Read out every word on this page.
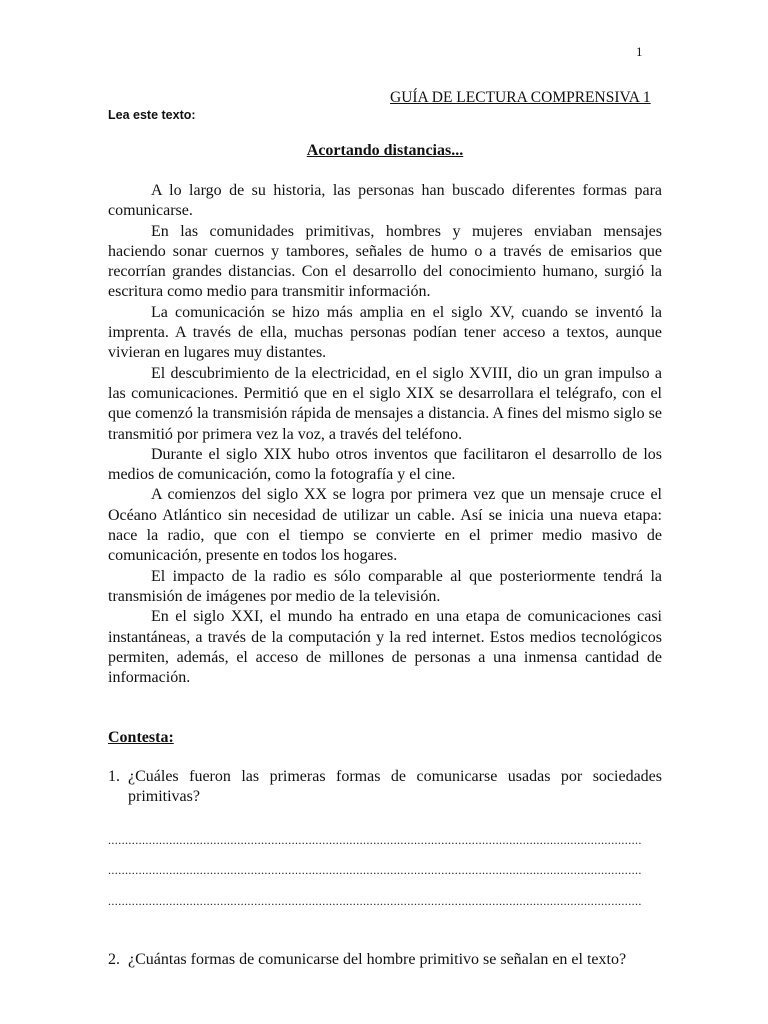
1
GUÍA DE LECTURA COMPRENSIVA 1
Lea este texto:
Acortando distancias...

A lo largo de su historia, las personas han buscado diferentes formas para comunicarse.

En las comunidades primitivas, hombres y mujeres enviaban mensajes haciendo sonar cuernos y tambores, señales de humo o a través de emisarios que recorrían grandes distancias. Con el desarrollo del conocimiento humano, surgió la escritura como medio para transmitir información.

La comunicación se hizo más amplia en el siglo XV, cuando se inventó la imprenta. A través de ella, muchas personas podían tener acceso a textos, aunque vivieran en lugares muy distantes.

El descubrimiento de la electricidad, en el siglo XVIII, dio un gran impulso a las comunicaciones. Permitió que en el siglo XIX se desarrollara el telégrafo, con el que comenzó la transmisión rápida de mensajes a distancia. A fines del mismo siglo se transmitió por primera vez la voz, a través del teléfono.

Durante el siglo XIX hubo otros inventos que facilitaron el desarrollo de los medios de comunicación, como la fotografía y el cine.

A comienzos del siglo XX se logra por primera vez que un mensaje cruce el Océano Atlántico sin necesidad de utilizar un cable. Así se inicia una nueva etapa: nace la radio, que con el tiempo se convierte en el primer medio masivo de comunicación, presente en todos los hogares.

El impacto de la radio es sólo comparable al que posteriormente tendrá la transmisión de imágenes por medio de la televisión.

En el siglo XXI, el mundo ha entrado en una etapa de comunicaciones casi instantáneas, a través de la computación y la red internet. Estos medios tecnológicos permiten, además, el acceso de millones de personas a una inmensa cantidad de información.

Contesta:
1. ¿Cuáles fueron las primeras formas de comunicarse usadas por sociedades primitivas?
.............................................................................................................................................................
.............................................................................................................................................................
.............................................................................................................................................................
2. ¿Cuántas formas de comunicarse del hombre primitivo se señalan en el texto?
